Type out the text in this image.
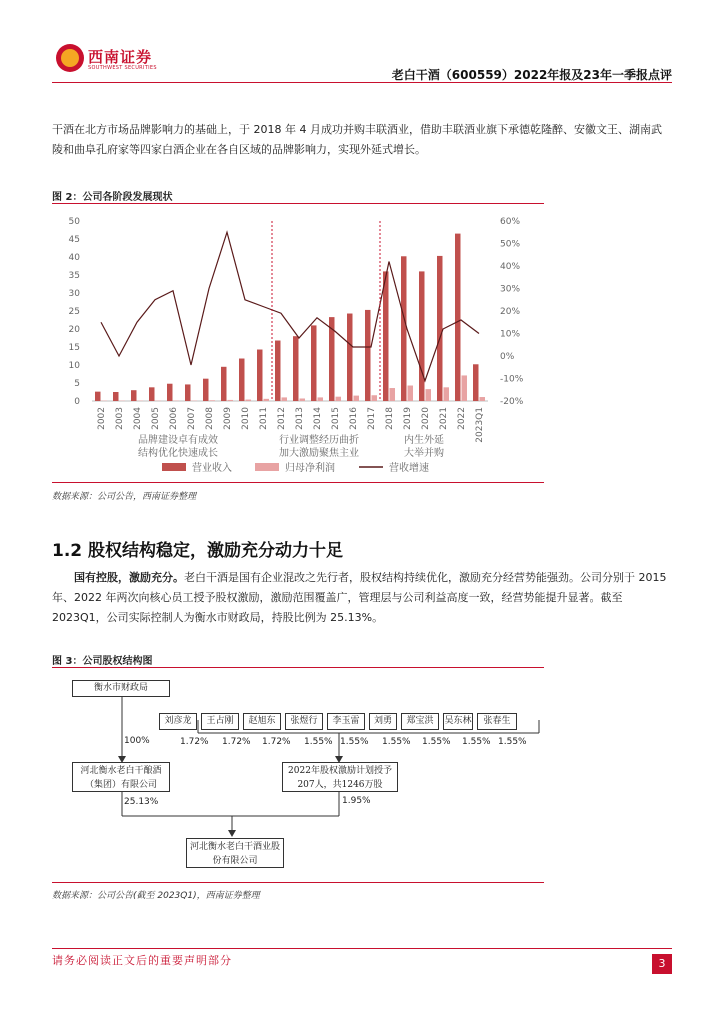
西南证券
SOUTHWEST SECURITIES	老白干酒（600559）2022年报及23年一季报点评
干酒在北方市场品牌影响力的基础上，于 2018 年 4 月成功并购丰联酒业，借助丰联酒业旗下承德乾隆醉、安徽文王、湖南武陵和曲阜孔府家等四家白酒企业在各自区域的品牌影响力，实现外延式增长。
图 2：公司各阶段发展现状
2002 2003 2004 2005 2006 2007 2008 2009 2010 2011 2012 2013 2014 2015 2016 2017 2018 2019 2020 2021 2022 2023Q1
0
5
10
15
20
25
30
35
40
45
50
-20%
-10%
0%
10%
20%
30%
40%
50%
60%
品牌建设卓有成效
结构优化快速成长
行业调整经历曲折
加大激励聚焦主业
内生外延
大举并购
营业收入	归母净利润	营收增速
数据来源：公司公告，西南证券整理
1.2 股权结构稳定，激励充分动力十足
国有控股，激励充分。老白干酒是国有企业混改之先行者，股权结构持续优化，激励充分经营势能强劲。公司分别于 2015 年、2022 年两次向核心员工授予股权激励，激励范围覆盖广，管理层与公司利益高度一致，经营势能提升显著。截至 2023Q1，公司实际控制人为衡水市财政局，持股比例为 25.13%。
图 3：公司股权结构图
衡水市财政局
刘彦龙
1.72%
王占刚
1.72%
赵旭东
1.72%
张煜行
1.55%
李玉雷
1.55%
刘勇
1.55%
郑宝洪
1.55%
吴东林
1.55%
张春生
1.55%
100%
河北衡水老白干酿酒（集团）有限公司
25.13%
2022年股权激励计划授予207人，共1246万股
1.95%
河北衡水老白干酒业股份有限公司
数据来源：公司公告(截至 2023Q1)，西南证券整理
请务必阅读正文后的重要声明部分	3
